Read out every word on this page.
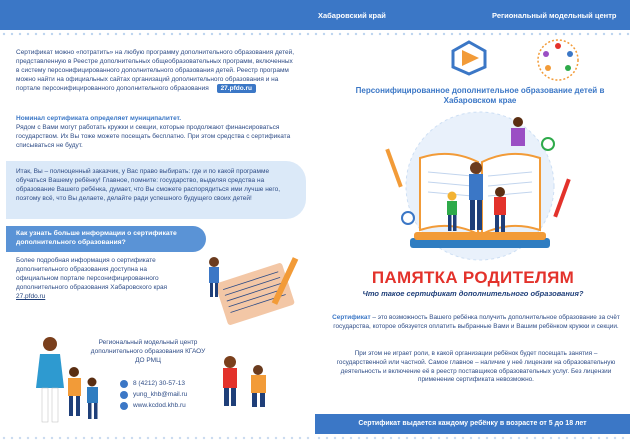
Хабаровский край	Региональный модельный центр
Сертификат можно «потратить» на любую программу дополнительного образования детей, представленную в Реестре дополнительных общеобразовательных программ, включенных в систему персонифицированного дополнительного образования детей. Реестр программ можно найти на официальных сайтах организаций дополнительного образования и на портале персонифицированного дополнительного образования 27.pfdo.ru
Номинал сертификата определяет муниципалитет.
Рядом с Вами могут работать кружки и секции, которые продолжают финансироваться государством. Их Вы тоже можете посещать бесплатно. При этом средства с сертификата списываться не будут.
Итак, Вы – полноценный заказчик, у Вас право выбирать: где и по какой программе обучаться Вашему ребёнку! Главное, помните: государство, выделяя средства на образование Вашего ребёнка, думает, что Вы сможете распорядиться ими лучше него, поэтому всё, что Вы делаете, делайте ради успешного будущего своих детей!
Как узнать больше информации о сертификате дополнительного образования?
Более подробная информация о сертификате дополнительного образования доступна на официальном портале персонифицированного дополнительного образования Хабаровского края 27.pfdo.ru
Региональный модельный центр дополнительного образования КГАОУ ДО РМЦ
8 (4212) 30-57-13
yung_khb@mail.ru
www.kcdod.khb.ru
Персонифицированное дополнительное образование детей в Хабаровском крае
ПАМЯТКА РОДИТЕЛЯМ
Что такое сертификат дополнительного образования?
Сертификат – это возможность Вашего ребёнка получить дополнительное образование за счёт государства, которое обязуется оплатить выбранные Вами и Вашим ребёнком кружки и секции.
При этом не играет роли, в какой организации ребёнок будет посещать занятия – государственной или частной. Самое главное – наличие у неё лицензии на образовательную деятельность и включение её в реестр поставщиков образовательных услуг. Без лицензии применение сертификата невозможно.
Сертификат выдается каждому ребёнку в возрасте от 5 до 18 лет
